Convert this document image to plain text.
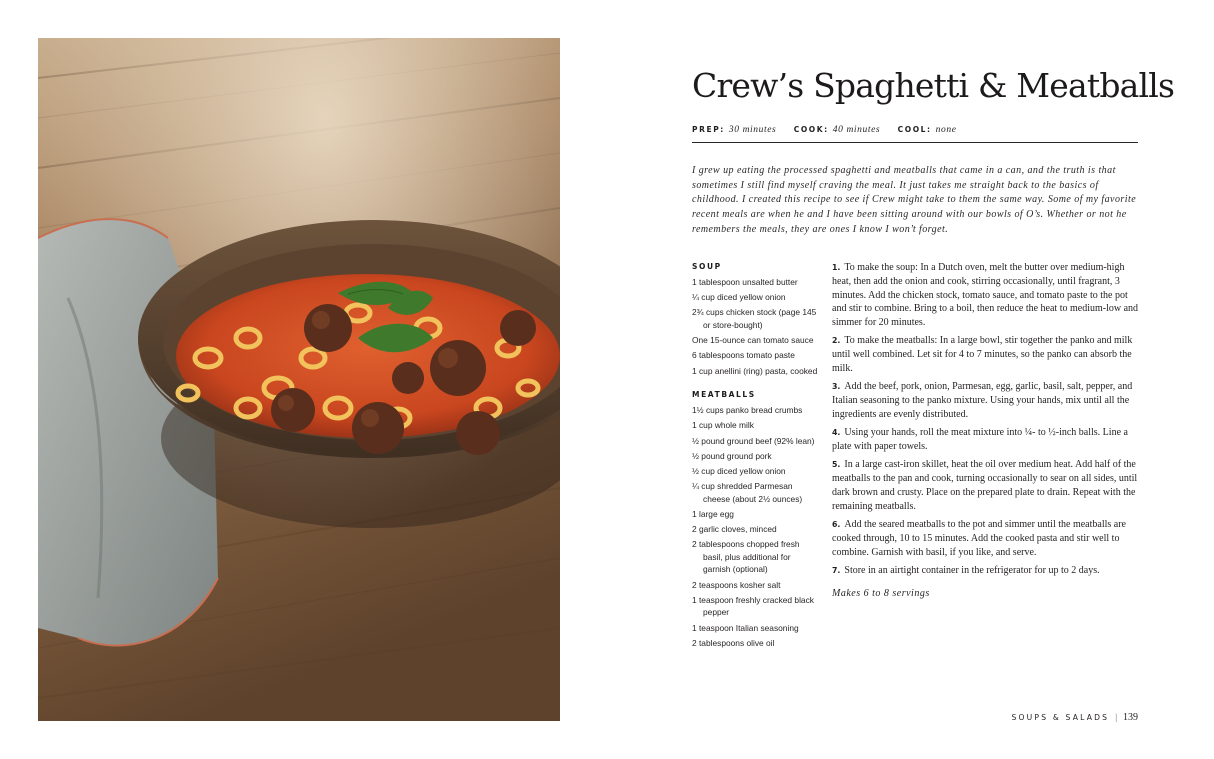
Crew’s Spaghetti & Meatballs
PREP: 30 minutes COOK: 40 minutes COOL: none

I grew up eating the processed spaghetti and meatballs that came in a can, and the truth is that sometimes I still find myself craving the meal. It just takes me straight back to the basics of childhood. I created this recipe to see if Crew might take to them the same way. Some of my favorite recent meals are when he and I have been sitting around with our bowls of O’s. Whether or not he remembers the meals, they are ones I know I won’t forget.

SOUP
1 tablespoon unsalted butter
¼ cup diced yellow onion
2¾ cups chicken stock (page 145 or store-bought)
One 15-ounce can tomato sauce
6 tablespoons tomato paste
1 cup anellini (ring) pasta, cooked
MEATBALLS
1½ cups panko bread crumbs
1 cup whole milk
½ pound ground beef (92% lean)
½ pound ground pork
½ cup diced yellow onion
¼ cup shredded Parmesan cheese (about 2½ ounces)
1 large egg
2 garlic cloves, minced
2 tablespoons chopped fresh basil, plus additional for garnish (optional)
2 teaspoons kosher salt
1 teaspoon freshly cracked black pepper
1 teaspoon Italian seasoning
2 tablespoons olive oil

1. To make the soup: In a Dutch oven, melt the butter over medium-high heat, then add the onion and cook, stirring occasionally, until fragrant, 3 minutes. Add the chicken stock, tomato sauce, and tomato paste to the pot and stir to combine. Bring to a boil, then reduce the heat to medium-low and simmer for 20 minutes.

2. To make the meatballs: In a large bowl, stir together the panko and milk until well combined. Let sit for 4 to 7 minutes, so the panko can absorb the milk.

3. Add the beef, pork, onion, Parmesan, egg, garlic, basil, salt, pepper, and Italian seasoning to the panko mixture. Using your hands, mix until all the ingredients are evenly distributed.

4. Using your hands, roll the meat mixture into ¼- to ½-inch balls. Line a plate with paper towels.

5. In a large cast-iron skillet, heat the oil over medium heat. Add half of the meatballs to the pan and cook, turning occasionally to sear on all sides, until dark brown and crusty. Place on the prepared plate to drain. Repeat with the remaining meatballs.

6. Add the seared meatballs to the pot and simmer until the meatballs are cooked through, 10 to 15 minutes. Add the cooked pasta and stir well to combine. Garnish with basil, if you like, and serve.

7. Store in an airtight container in the refrigerator for up to 2 days.

Makes 6 to 8 servings

SOUPS & SALADS | 139
